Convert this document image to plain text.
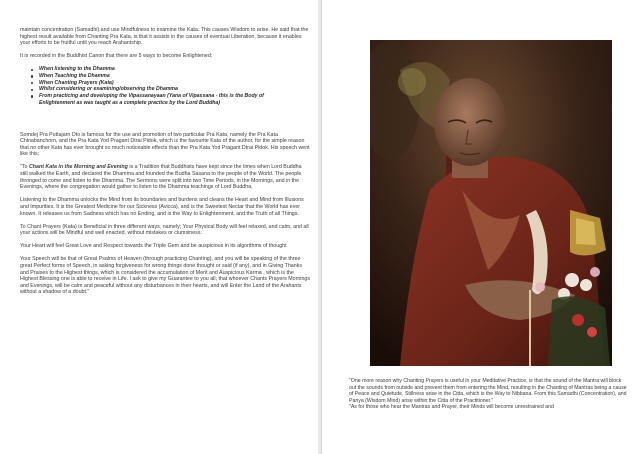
maintain concentration (Samadhi) and use Mindfulness to examine the Kata. This causes Wisdom to arise. He said that the highest result available from Chanting Pra Kata, is that it assists in the causes of eventual Liberation, because it enables your efforts to be fruitful until you reach Arahantship.

It is recorded in the Buddhist Canon that there are 5 ways to become Enlightened;

When listening to the Dhamma
When Teaching the Dhamma
When Chanting Prayers (Kata)
Whilst considering or examining/observing the Dhamma
From practicing and developing the Vipassanayaan (Yana of Vipassana - this is the Body of Enlightenment as was taught as a complete practice by the Lord Buddha)

Somdej Pra Puttajarn Dto is famous for the use and promotion of two particular Pra Kata, namely the Pra Kata Chinabanchorn, and the Pra Kata Yod Pragant Dtrai Pidok, which is the favourite Kata of the author, for the simple reason that no other Kata has ever brought so much noticeable effects than the Pra Kata Yod Pragant Dtrai Pidok. His speech went like this;

"To Chant Kata in the Morning and Evening is a Tradition that Buddhists have kept since the times when Lord Buddha still walked the Earth, and declared the Dhamma and founded the Budha Sasana to the people of the World. The people thronged to come and listen to the Dhamma. The Sermons were split into two Time Periods, in the Mornings, and in the Evenings, where the congregation would gather to listen to the Dhamma teachings of Lord Buddha.

Listening to the Dhamma unlocks the Mind from its boundaries and burdens and cleans the Heart and Mind from Illusions and Impurities. It is the Greatest Medicine for our Sickness (Avicca), and is the Sweetest Nectar that the World has ever known. It releases us from Sadness which has no Ending, and is the Way to Enlightenment, and the Truth of all Things.

To Chant Prayers (Kata) is Beneficial in three different ways, namely; Your Physical Body will feel relaxed, and calm, and all your actions will be Mindful and well enacted, without mistakes or clumsiness.

Your Heart will feel Great Love and Respect towards the Triple Gem and be auspicious in its algorithms of thought

Your Speech will be that of Great Psalms of Heaven (through practicing Chanting), and you will be speaking of the three great Perfect forms of Speech, in asking forgiveness for wrong things done thought or said (if any), and in Giving Thanks and Praises to the Highest things, which is considered the accumulation of Merit and Auspicious Karma , which is the Highest Blessing one is able to receive in Life. I ask to give my Guarantee to you all, that whoever Chants Prayers Mornings and Evenings, will be calm and peaceful without any disturbances in their hearts, and will Enter the Land of the Arahants without a shadow of a doubt."

"One more reason why Chanting Prayers is useful in your Meditative Practice, is that the sound of the Mantra will block out the sounds from outside and prevent them from entering the Mind, resulting in the Chanting of Mantras being a cause of Peace and Quietude, Stillness arise in the Citta, which is the Way to Nibbana. From this Samadhi (Concentration), and Panya (Wisdom Mind) arise within the Citta of the Practitioner."

"As for those who hear the Mantras and Prayer, their Minds will become unrestrained and
